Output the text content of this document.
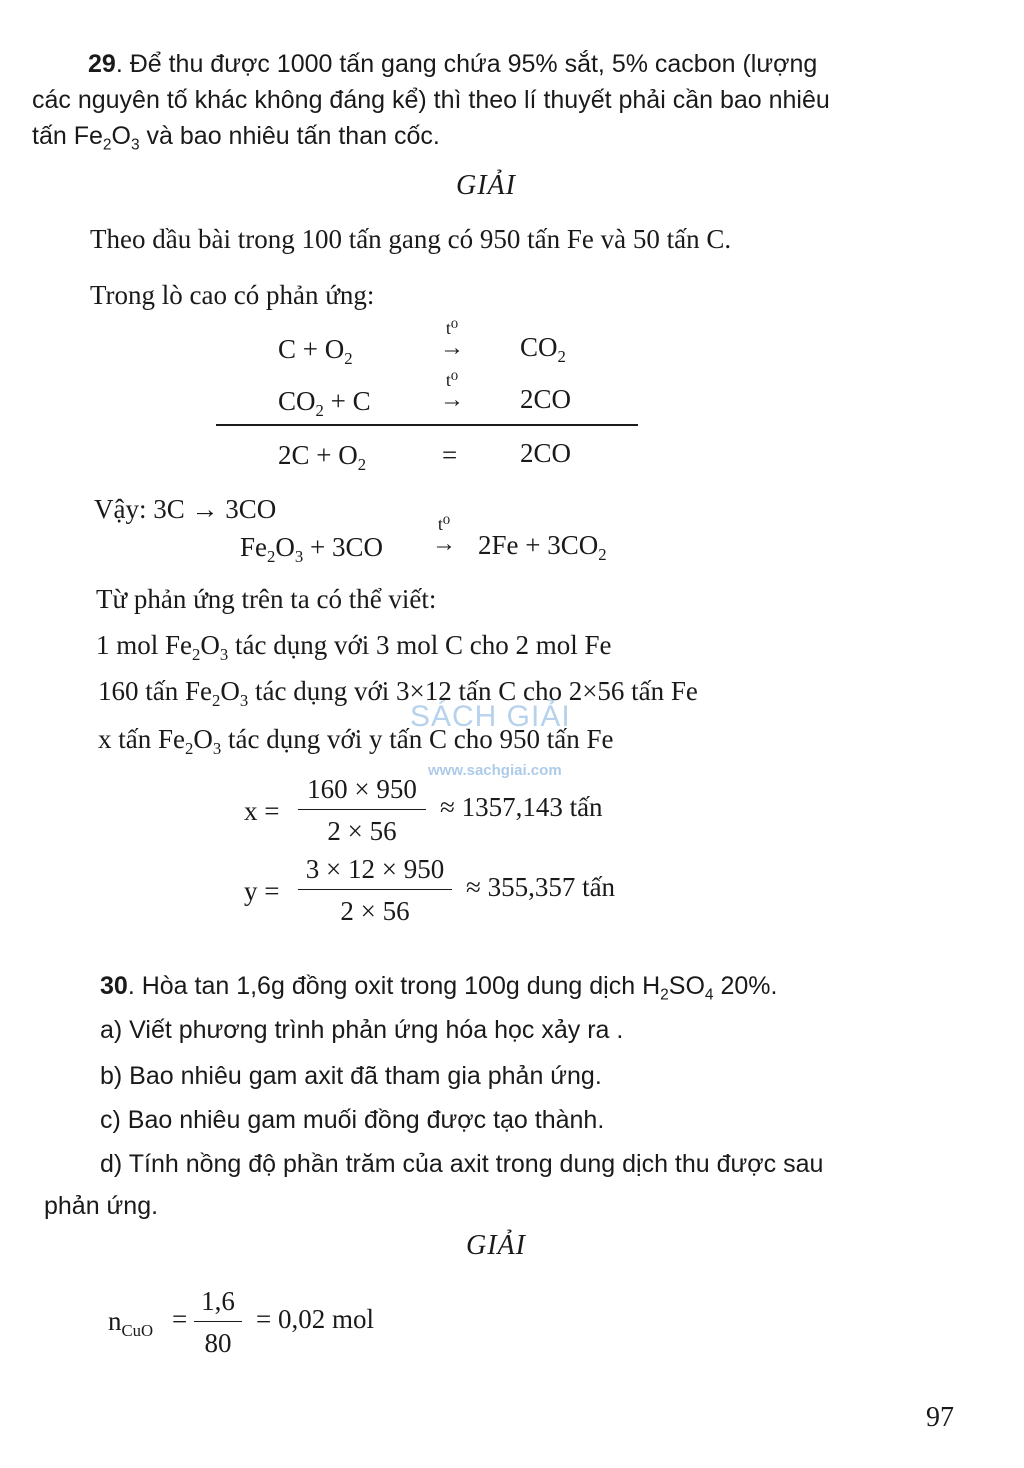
29. Để thu được 1000 tấn gang chứa 95% sắt, 5% cacbon (lượng
các nguyên tố khác không đáng kể) thì theo lí thuyết phải cần bao nhiêu
tấn $Fe_2O_3$ và bao nhiêu tấn than cốc.
GIẢI
Theo dầu bài trong 100 tấn gang có 950 tấn Fe và 50 tấn C.
Trong lò cao có phản ứng:
$C + O_2$
t⁰
→ $CO_2$
$CO_2 + C$
t⁰
→ 2CO
$2C + O_2$	= 2CO
Vậy: 3C → 3CO
$Fe_2O_3 + 3CO$
t⁰
→ $2Fe + 3CO_2$
Từ phản ứng trên ta có thể viết:
1 mol $Fe_2O_3$ tác dụng với 3 mol C cho 2 mol Fe
160 tấn $Fe_2O_3$ tác dụng với 3×12 tấn C cho 2×56 tấn Fe
x tấn $Fe_2O_3$ tác dụng với y tấn C cho 950 tấn Fe
x =
160 × 950
2 × 56
≈ 1357,143 tấn
y =
3 × 12 × 950
2 × 56
≈ 355,357 tấn
30. Hòa tan 1,6g đồng oxit trong 100g dung dịch $H_2SO_4$ 20%.
a) Viết phương trình phản ứng hóa học xảy ra .
b) Bao nhiêu gam axit đã tham gia phản ứng.
c) Bao nhiêu gam muối đồng được tạo thành.
d) Tính nồng độ phần trăm của axit trong dung dịch thu được sau
phản ứng.
GIẢI
$n_{CuO}$ =
1,6
80
= 0,02 mol
SÁCH GIẢI
www.sachgiai.com
97
